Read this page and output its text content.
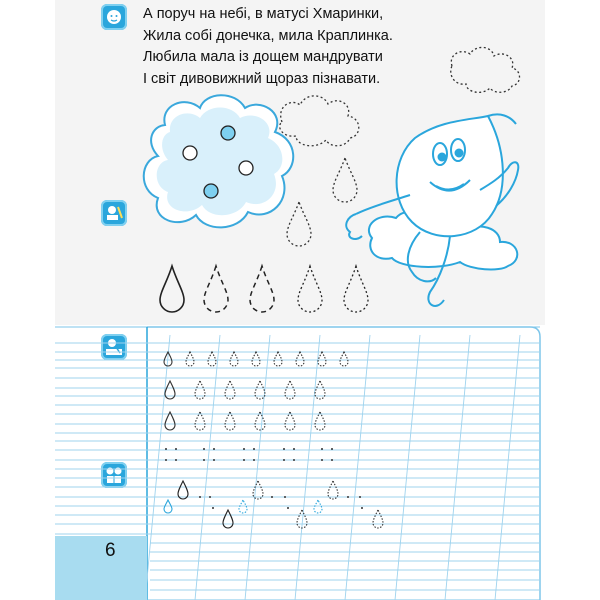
А поруч на небі, в матусі Хмаринки,
Жила собі донечка, мила Краплинка.
Любила мала із дощем мандрувати
І світ дивовижний щораз пізнавати.
6
